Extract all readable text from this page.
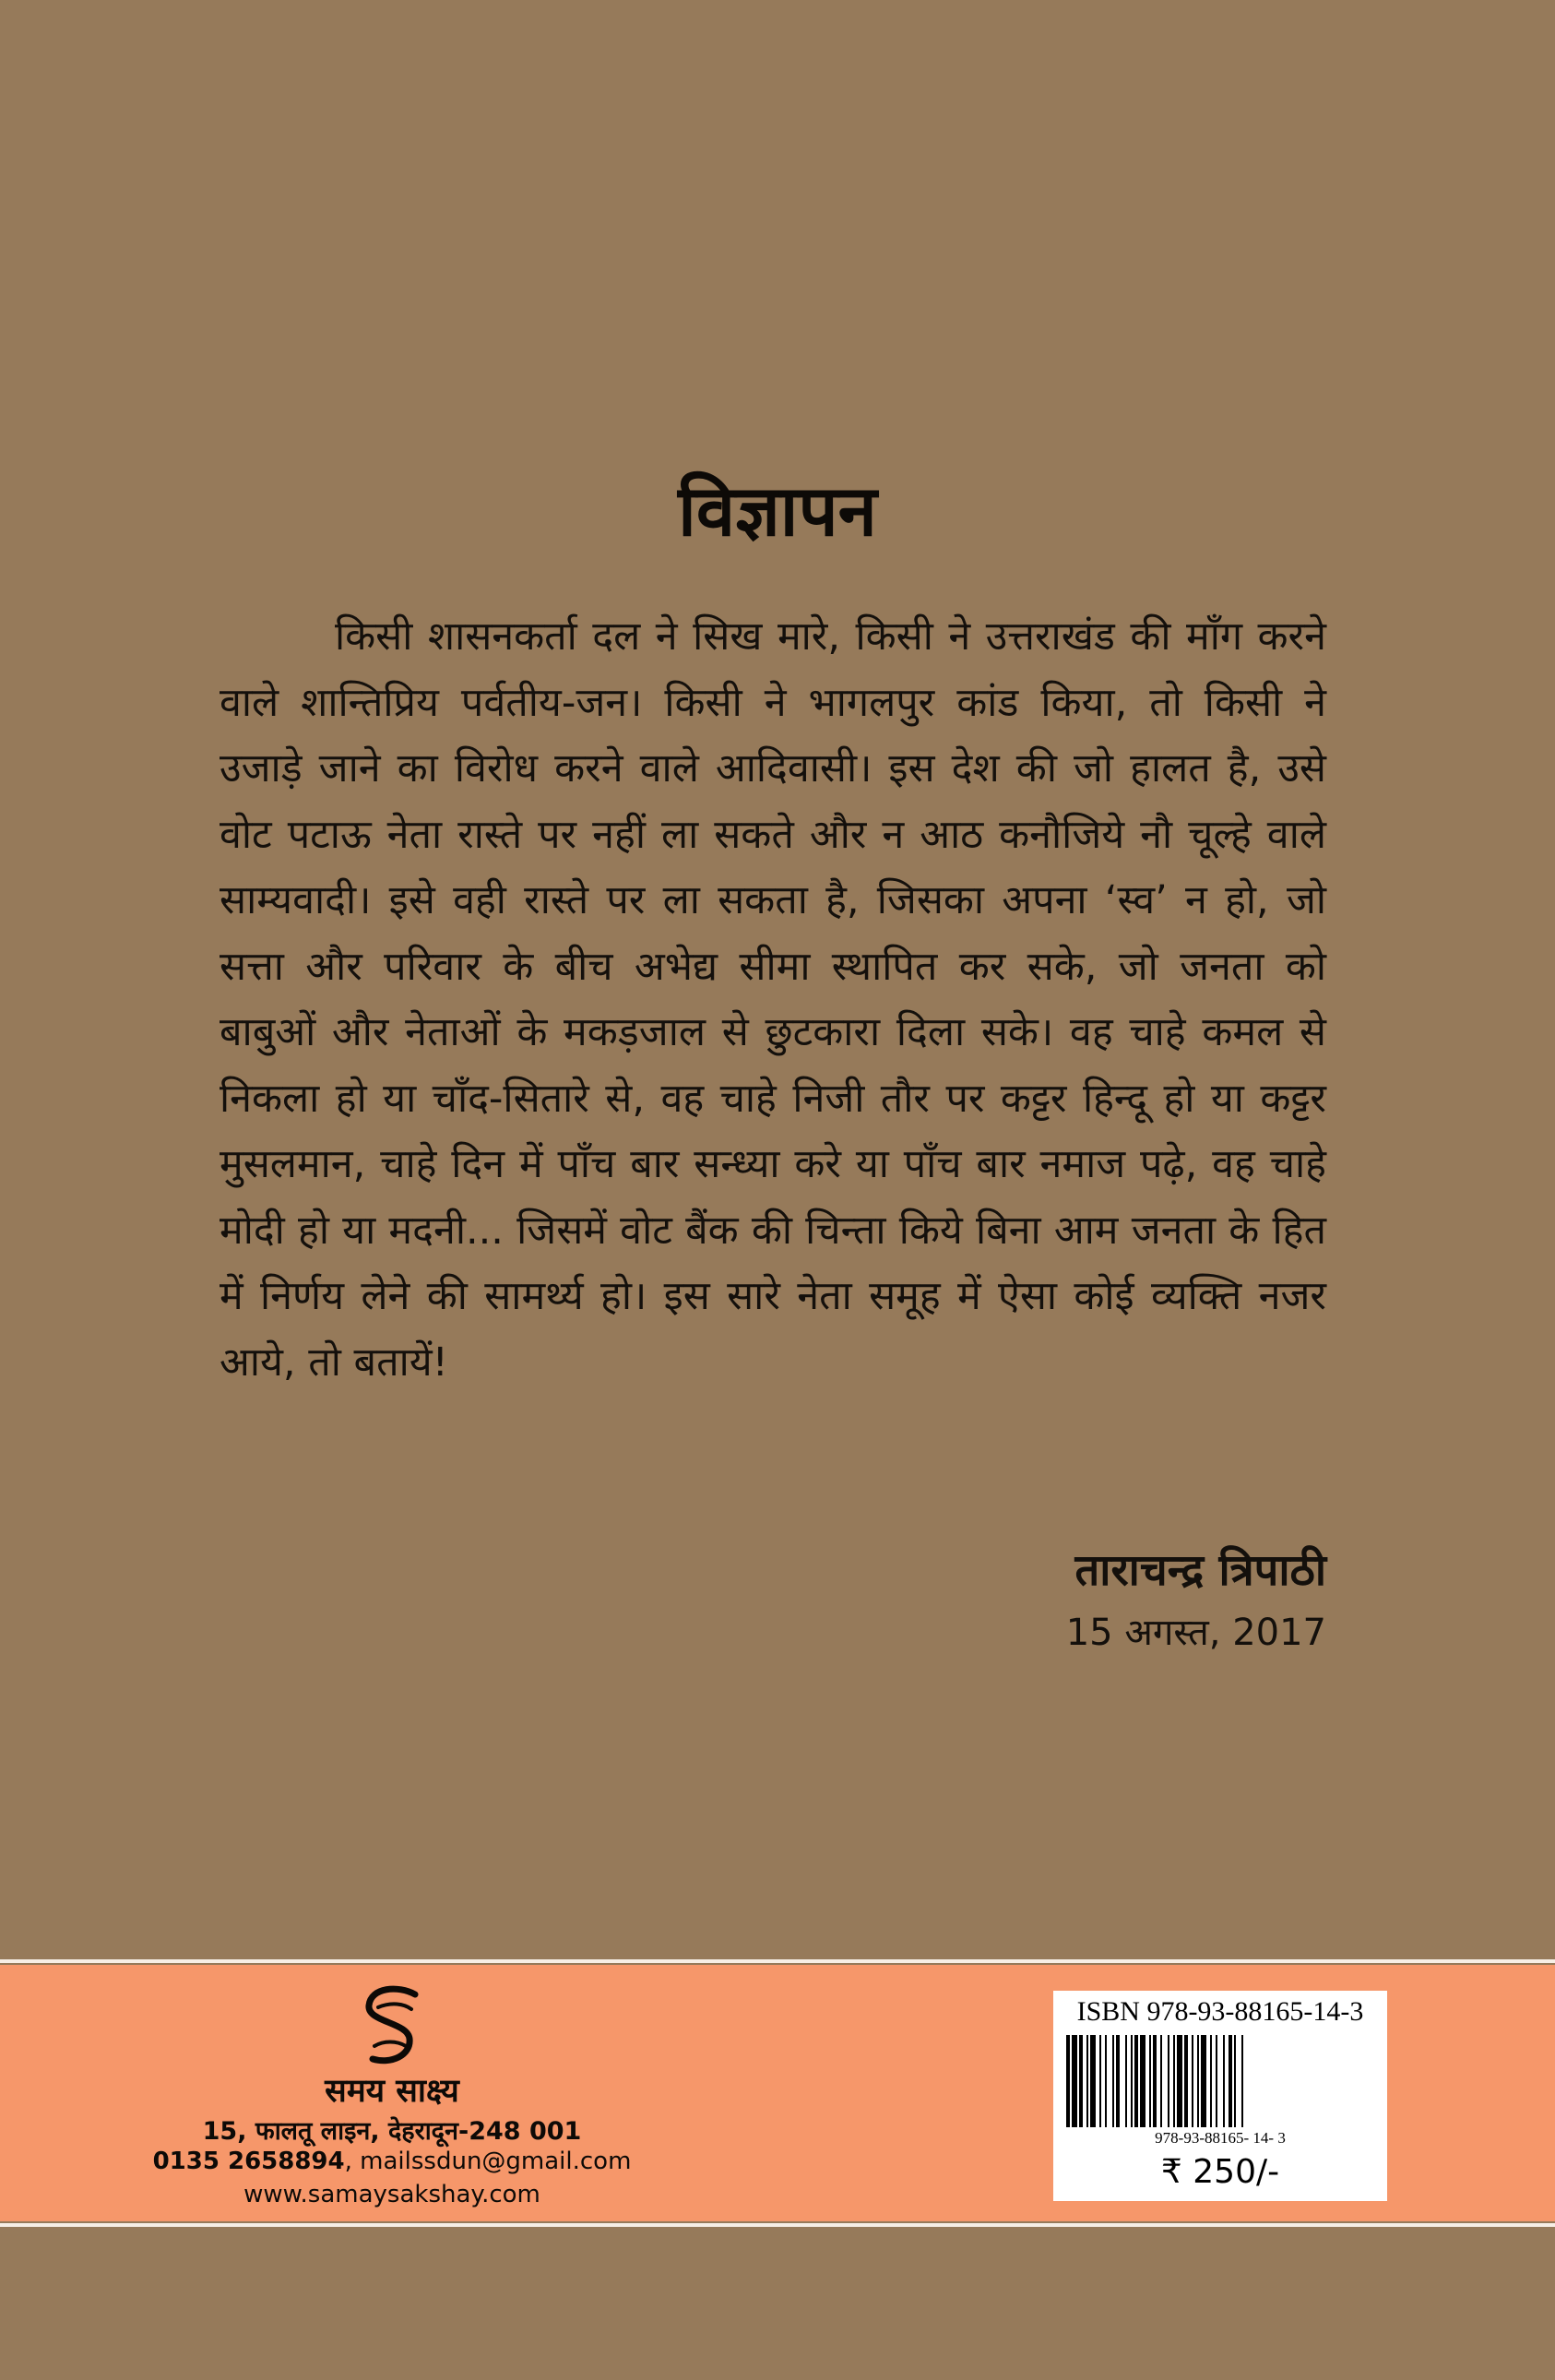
विज्ञापन

किसी शासनकर्ता दल ने सिख मारे, किसी ने उत्तराखंड की माँग करने वाले शान्तिप्रिय पर्वतीय-जन। किसी ने भागलपुर कांड किया, तो किसी ने उजाड़े जाने का विरोध करने वाले आदिवासी। इस देश की जो हालत है, उसे वोट पटाऊ नेता रास्ते पर नहीं ला सकते और न आठ कनौजिये नौ चूल्हे वाले साम्यवादी। इसे वही रास्ते पर ला सकता है, जिसका अपना ‘स्व’ न हो, जो सत्ता और परिवार के बीच अभेद्य सीमा स्थापित कर सके, जो जनता को बाबुओं और नेताओं के मकड़जाल से छुटकारा दिला सके। वह चाहे कमल से निकला हो या चाँद-सितारे से, वह चाहे निजी तौर पर कट्टर हिन्दू हो या कट्टर मुसलमान, चाहे दिन में पाँच बार सन्ध्या करे या पाँच बार नमाज पढ़े, वह चाहे मोदी हो या मदनी... जिसमें वोट बैंक की चिन्ता किये बिना आम जनता के हित में निर्णय लेने की सामर्थ्य हो। इस सारे नेता समूह में ऐसा कोई व्यक्ति नजर आये, तो बतायें!

ताराचन्द्र त्रिपाठी
15 अगस्त, 2017
समय साक्ष्य
15, फालतू लाइन, देहरादून-248 001
0135 2658894, mailssdun@gmail.com
www.samaysakshay.com
ISBN 978-93-88165-14-3
978-93-88165- 14- 3
₹ 250/-
